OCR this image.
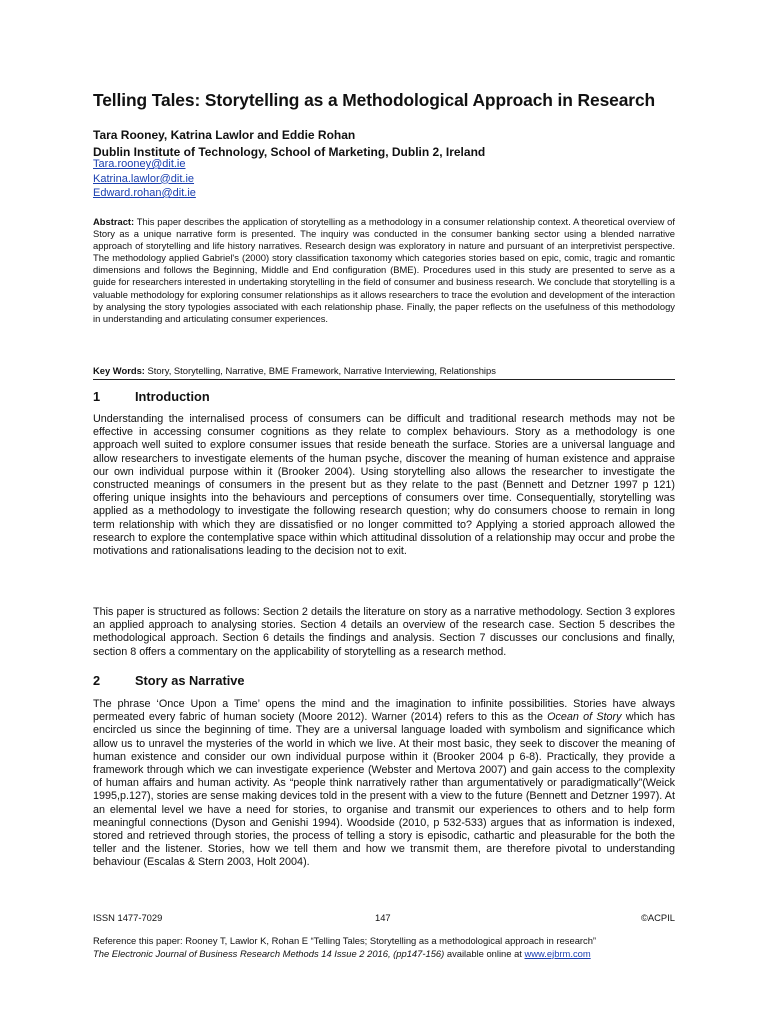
Telling Tales: Storytelling as a Methodological Approach in Research
Tara Rooney, Katrina Lawlor and Eddie Rohan
Dublin Institute of Technology, School of Marketing, Dublin 2, Ireland
Tara.rooney@dit.ie
Katrina.lawlor@dit.ie
Edward.rohan@dit.ie
Abstract: This paper describes the application of storytelling as a methodology in a consumer relationship context. A theoretical overview of Story as a unique narrative form is presented. The inquiry was conducted in the consumer banking sector using a blended narrative approach of storytelling and life history narratives. Research design was exploratory in nature and pursuant of an interpretivist perspective. The methodology applied Gabriel's (2000) story classification taxonomy which categories stories based on epic, comic, tragic and romantic dimensions and follows the Beginning, Middle and End configuration (BME). Procedures used in this study are presented to serve as a guide for researchers interested in undertaking storytelling in the field of consumer and business research. We conclude that storytelling is a valuable methodology for exploring consumer relationships as it allows researchers to trace the evolution and development of the interaction by analysing the story typologies associated with each relationship phase. Finally, the paper reflects on the usefulness of this methodology in understanding and articulating consumer experiences.
Key Words: Story, Storytelling, Narrative, BME Framework, Narrative Interviewing, Relationships
1	Introduction
Understanding the internalised process of consumers can be difficult and traditional research methods may not be effective in accessing consumer cognitions as they relate to complex behaviours. Story as a methodology is one approach well suited to explore consumer issues that reside beneath the surface. Stories are a universal language and allow researchers to investigate elements of the human psyche, discover the meaning of human existence and appraise our own individual purpose within it (Brooker 2004). Using storytelling also allows the researcher to investigate the constructed meanings of consumers in the present but as they relate to the past (Bennett and Detzner 1997 p 121) offering unique insights into the behaviours and perceptions of consumers over time. Consequentially, storytelling was applied as a methodology to investigate the following research question; why do consumers choose to remain in long term relationship with which they are dissatisfied or no longer committed to? Applying a storied approach allowed the research to explore the contemplative space within which attitudinal dissolution of a relationship may occur and probe the motivations and rationalisations leading to the decision not to exit.
This paper is structured as follows: Section 2 details the literature on story as a narrative methodology. Section 3 explores an applied approach to analysing stories. Section 4 details an overview of the research case. Section 5 describes the methodological approach. Section 6 details the findings and analysis. Section 7 discusses our conclusions and finally, section 8 offers a commentary on the applicability of storytelling as a research method.
2	Story as Narrative
The phrase ‘Once Upon a Time’ opens the mind and the imagination to infinite possibilities. Stories have always permeated every fabric of human society (Moore 2012). Warner (2014) refers to this as the Ocean of Story which has encircled us since the beginning of time. They are a universal language loaded with symbolism and significance which allow us to unravel the mysteries of the world in which we live. At their most basic, they seek to discover the meaning of human existence and consider our own individual purpose within it (Brooker 2004 p 6-8). Practically, they provide a framework through which we can investigate experience (Webster and Mertova 2007) and gain access to the complexity of human affairs and human activity. As “people think narratively rather than argumentatively or paradigmatically”(Weick 1995,p.127), stories are sense making devices told in the present with a view to the future (Bennett and Detzner 1997). At an elemental level we have a need for stories, to organise and transmit our experiences to others and to help form meaningful connections (Dyson and Genishi 1994). Woodside (2010, p 532-533) argues that as information is indexed, stored and retrieved through stories, the process of telling a story is episodic, cathartic and pleasurable for the both the teller and the listener. Stories, how we tell them and how we transmit them, are therefore pivotal to understanding behaviour (Escalas & Stern 2003, Holt 2004).
ISSN 1477-7029	147	©ACPIL
Reference this paper: Rooney T, Lawlor K, Rohan E “Telling Tales; Storytelling as a methodological approach in research”
The Electronic Journal of Business Research Methods 14 Issue 2 2016, (pp147-156) available online at www.ejbrm.com
